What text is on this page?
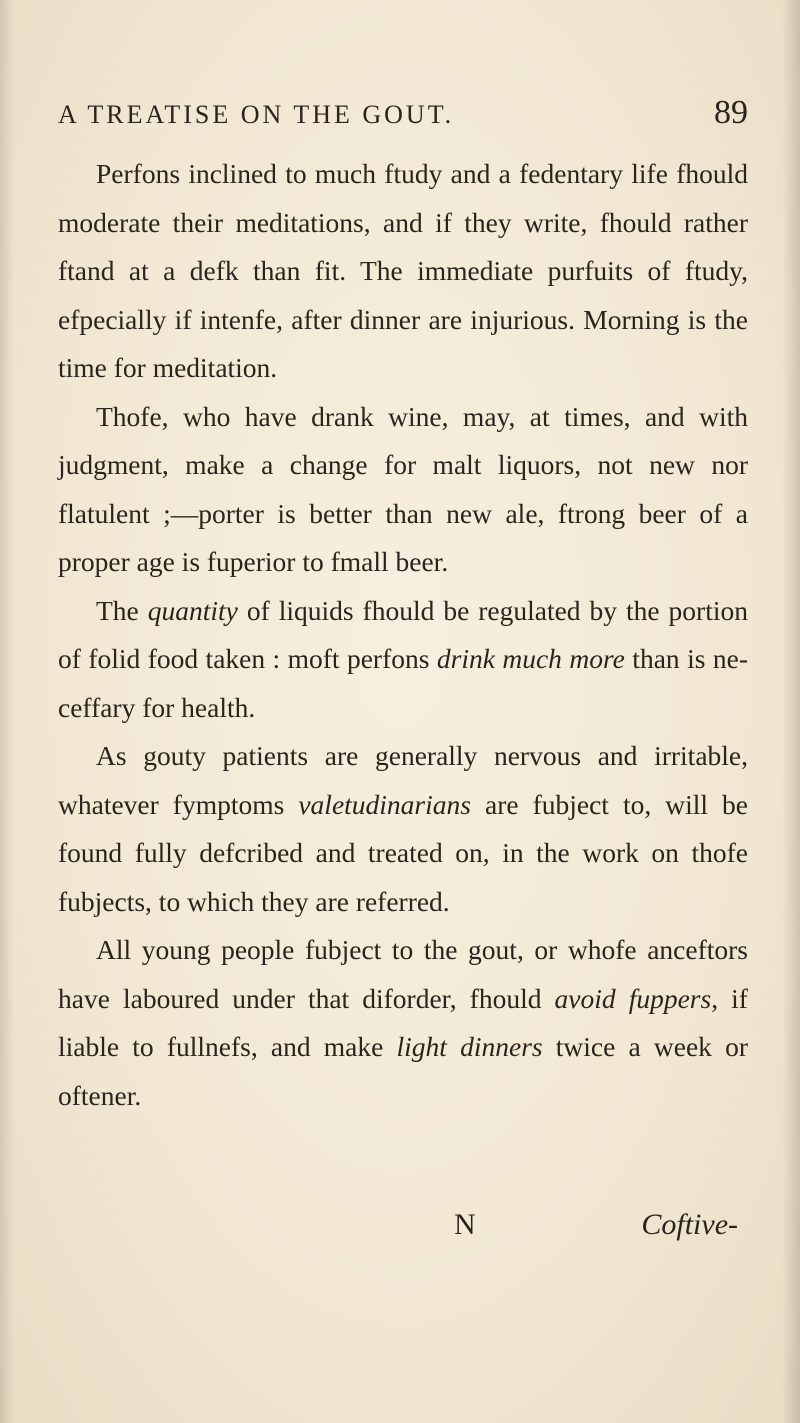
A TREATISE ON THE GOUT.	89

Perfons inclined to much ftudy and a fedentary life fhould moderate their meditations, and if they write, fhould rather ftand at a defk than fit. The immediate purfuits of ftudy, efpecially if intenfe, after dinner are injurious. Morning is the time for meditation.

Thofe, who have drank wine, may, at times, and with judgment, make a change for malt liquors, not new nor flatulent ;—porter is better than new ale, ftrong beer of a proper age is fuperior to fmall beer.

The quantity of liquids fhould be regulated by the portion of folid food taken : moft perfons drink much more than is neceffary for health.

As gouty patients are generally nervous and irritable, whatever fymptoms valetudinarians are fubject to, will be found fully defcribed and treated on, in the work on thofe fubjects, to which they are referred.

All young people fubject to the gout, or whofe anceftors have laboured under that diforder, fhould avoid fuppers, if liable to fullnefs, and make light dinners twice a week or oftener.

N	Coftive-
